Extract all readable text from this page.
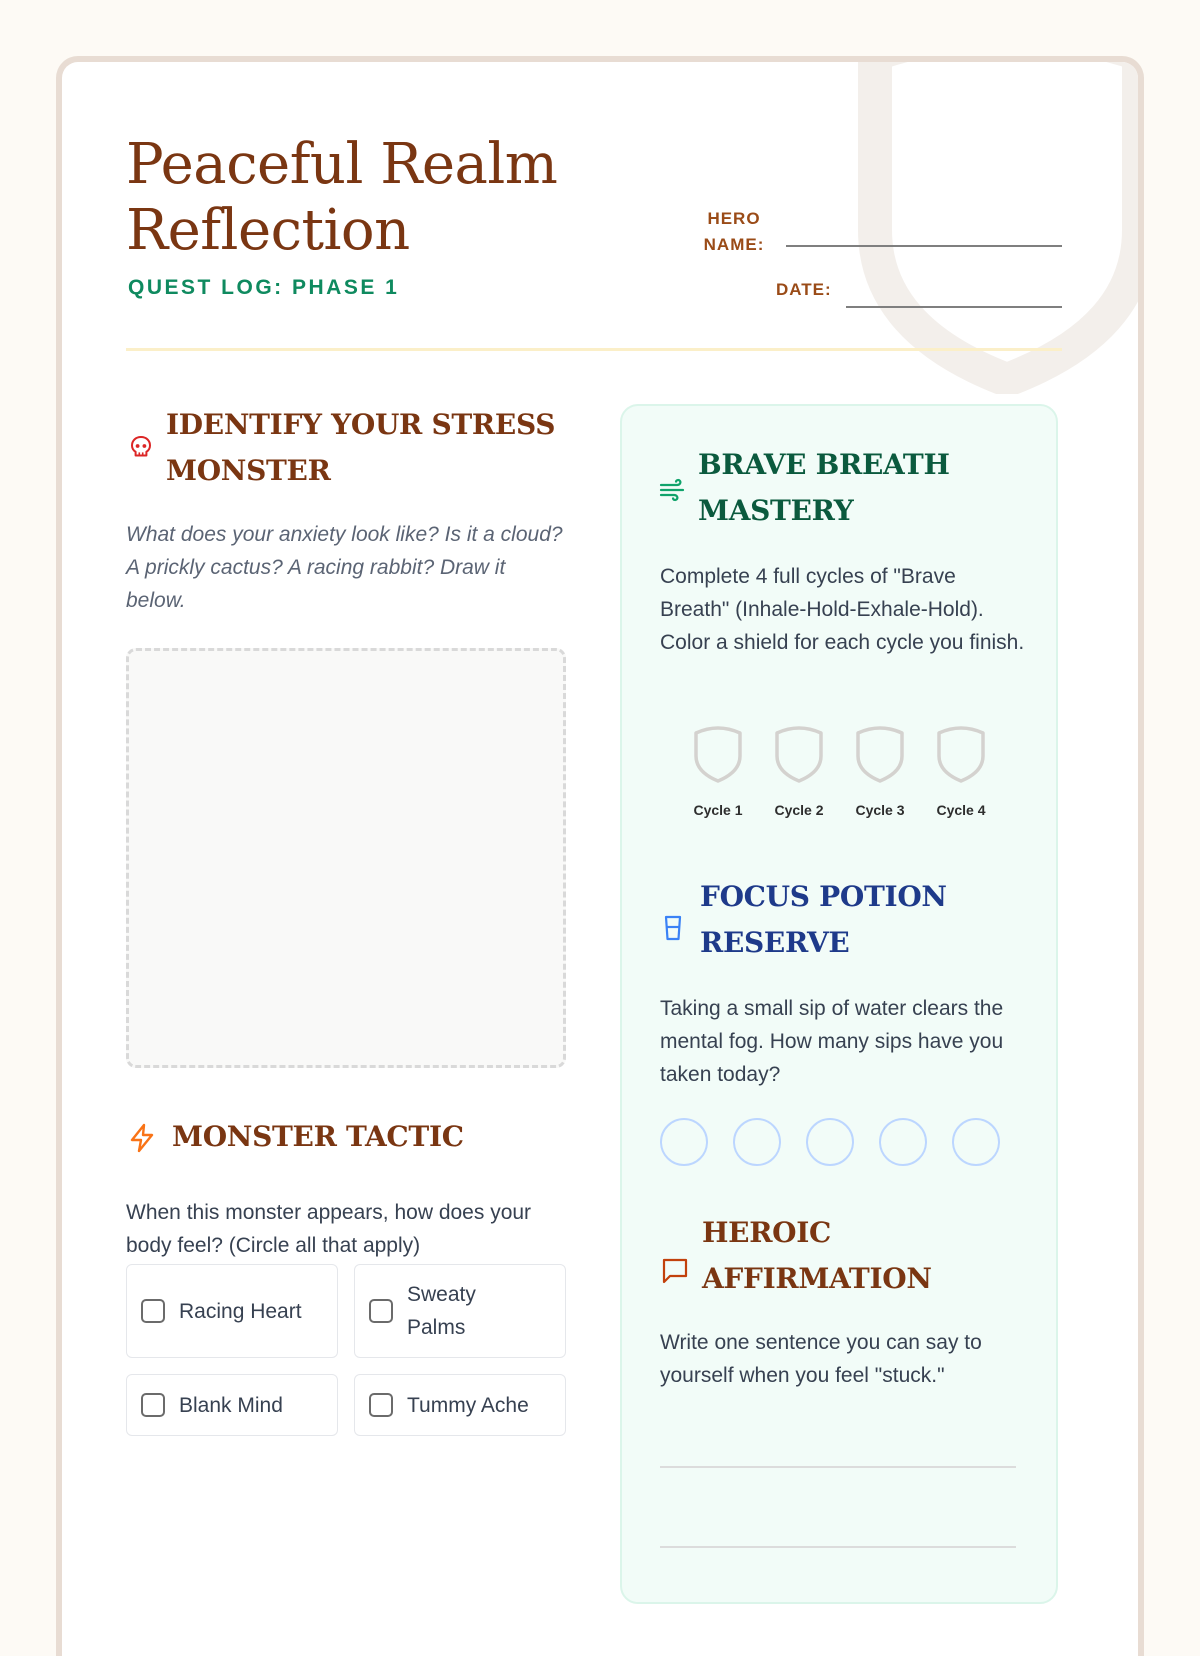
Peaceful Realm
Reflection
QUEST LOG: PHASE 1
HERO
NAME:
DATE:
IDENTIFY YOUR STRESS
MONSTER

What does your anxiety look like? Is it a cloud? A prickly cactus? A racing rabbit? Draw it below.

MONSTER TACTIC

When this monster appears, how does your body feel? (Circle all that apply)

Racing Heart
Sweaty Palms
Blank Mind	Tummy Ache
BRAVE BREATH
MASTERY

Complete 4 full cycles of "Brave Breath" (Inhale-Hold-Exhale-Hold). Color a shield for each cycle you finish.

Cycle 1	Cycle 2	Cycle 3	Cycle 4
FOCUS POTION
RESERVE

Taking a small sip of water clears the mental fog. How many sips have you taken today?

HEROIC
AFFIRMATION

Write one sentence you can say to yourself when you feel "stuck."
